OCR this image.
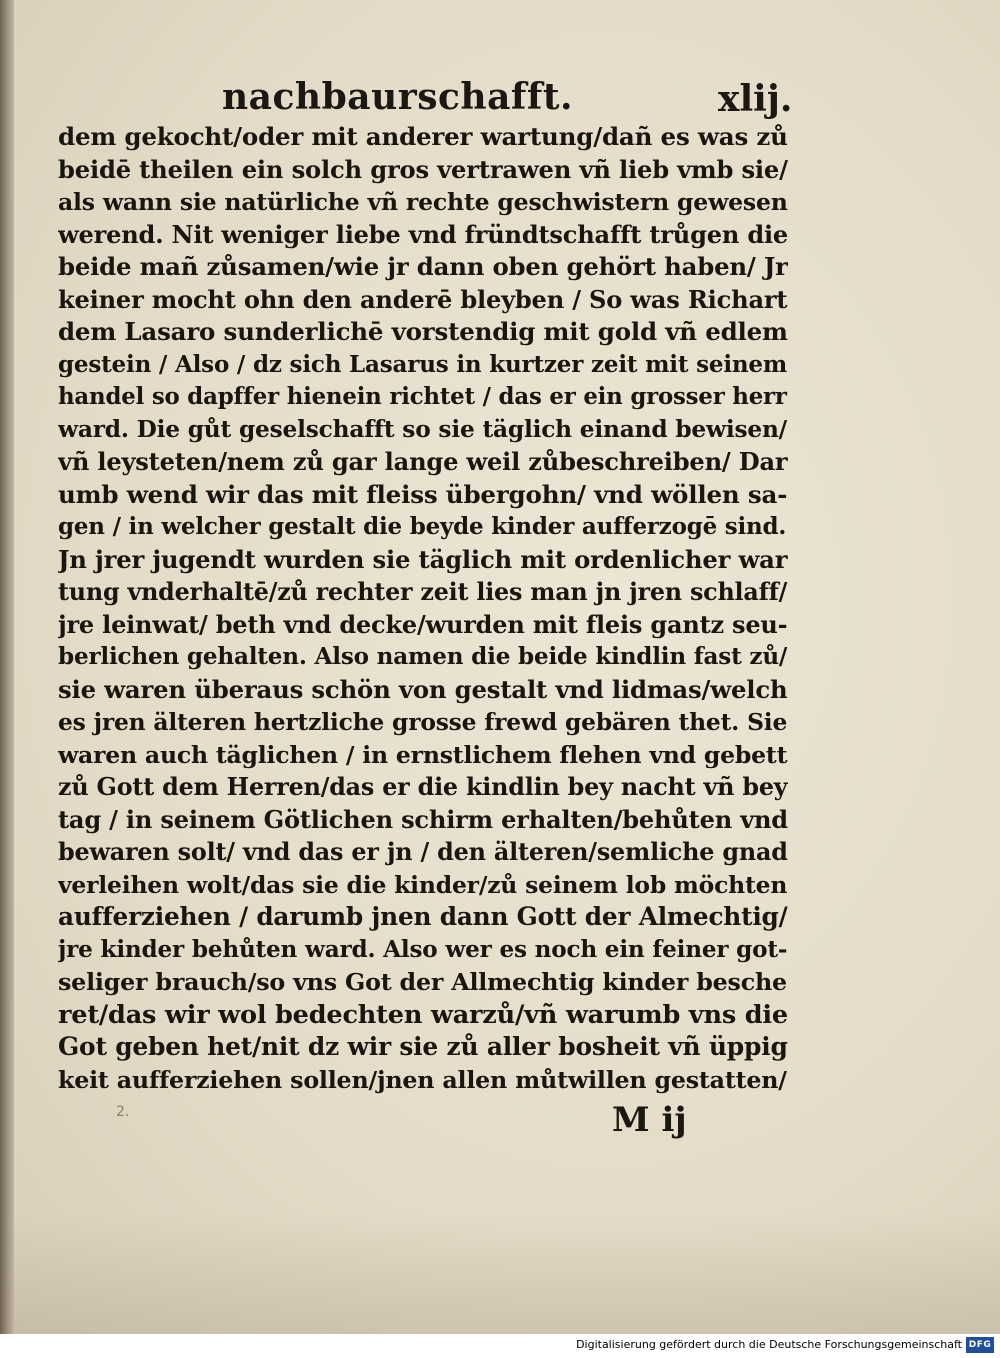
nachbaurschafft.	xlij.
dem gekocht/oder mit anderer wartung/dañ es was zů
beidē theilen ein solch gros vertrawen vñ lieb vmb sie/
als wann sie natürliche vñ rechte geschwistern gewesen
werend. Nit weniger liebe vnd fründtschafft trůgen die
beide mañ zůsamen/wie jr dann oben gehört haben/ Jr
keiner mocht ohn den anderē bleyben / So was Richart
dem Lasaro sunderlichē vorstendig mit gold vñ edlem
gestein / Also / dz sich Lasarus in kurtzer zeit mit seinem
handel so dapffer hienein richtet / das er ein grosser herr
ward. Die gůt geselschafft so sie täglich einand bewisen/
vñ leysteten/nem zů gar lange weil zůbeschreiben/ Dar
umb wend wir das mit fleiss übergohn/ vnd wöllen sa-
gen / in welcher gestalt die beyde kinder aufferzogē sind.
Jn jrer jugendt wurden sie täglich mit ordenlicher war
tung vnderhaltē/zů rechter zeit lies man jn jren schlaff/
jre leinwat/ beth vnd decke/wurden mit fleis gantz seu-
berlichen gehalten. Also namen die beide kindlin fast zů/
sie waren überaus schön von gestalt vnd lidmas/welch
es jren älteren hertzliche grosse frewd gebären thet. Sie
waren auch täglichen / in ernstlichem flehen vnd gebett
zů Gott dem Herren/das er die kindlin bey nacht vñ bey
tag / in seinem Götlichen schirm erhalten/behůten vnd
bewaren solt/ vnd das er jn / den älteren/semliche gnad
verleihen wolt/das sie die kinder/zů seinem lob möchten
aufferziehen / darumb jnen dann Gott der Almechtig/
jre kinder behůten ward. Also wer es noch ein feiner got-
seliger brauch/so vns Got der Allmechtig kinder besche
ret/das wir wol bedechten warzů/vñ warumb vns die
Got geben het/nit dz wir sie zů aller bosheit vñ üppig
keit aufferziehen sollen/jnen allen můtwillen gestatten/
2.	M ij
Digitalisierung gefördert durch die Deutsche Forschungsgemeinschaft DFG
